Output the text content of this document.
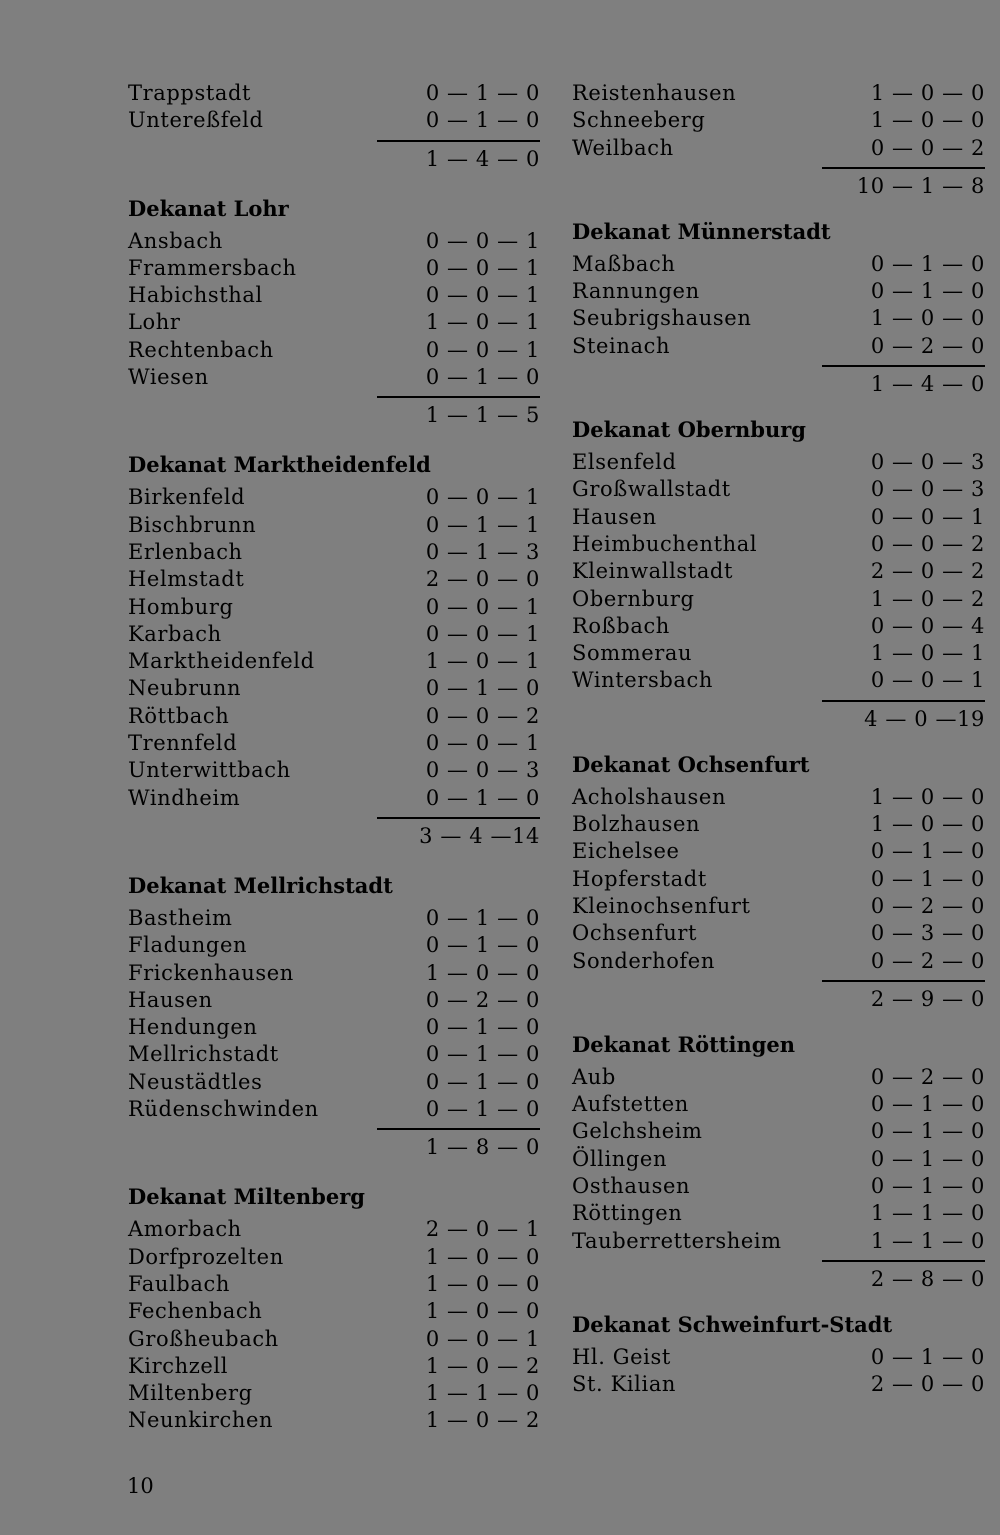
Trappstadt	0 — 1 — 0
Untereßfeld	0 — 1 — 0
1 — 4 — 0
Dekanat Lohr
Ansbach	0 — 0 — 1
Frammersbach	0 — 0 — 1
Habichsthal	0 — 0 — 1
Lohr	1 — 0 — 1
Rechtenbach	0 — 0 — 1
Wiesen	0 — 1 — 0
1 — 1 — 5
Dekanat Marktheidenfeld
Birkenfeld	0 — 0 — 1
Bischbrunn	0 — 1 — 1
Erlenbach	0 — 1 — 3
Helmstadt	2 — 0 — 0
Homburg	0 — 0 — 1
Karbach	0 — 0 — 1
Marktheidenfeld	1 — 0 — 1
Neubrunn	0 — 1 — 0
Röttbach	0 — 0 — 2
Trennfeld	0 — 0 — 1
Unterwittbach	0 — 0 — 3
Windheim	0 — 1 — 0
3 — 4 —14
Dekanat Mellrichstadt
Bastheim	0 — 1 — 0
Fladungen	0 — 1 — 0
Frickenhausen	1 — 0 — 0
Hausen	0 — 2 — 0
Hendungen	0 — 1 — 0
Mellrichstadt	0 — 1 — 0
Neustädtles	0 — 1 — 0
Rüdenschwinden	0 — 1 — 0
1 — 8 — 0
Dekanat Miltenberg
Amorbach	2 — 0 — 1
Dorfprozelten	1 — 0 — 0
Faulbach	1 — 0 — 0
Fechenbach	1 — 0 — 0
Großheubach	0 — 0 — 1
Kirchzell	1 — 0 — 2
Miltenberg	1 — 1 — 0
Neunkirchen	1 — 0 — 2
Reistenhausen	1 — 0 — 0
Schneeberg	1 — 0 — 0
Weilbach	0 — 0 — 2
10 — 1 — 8
Dekanat Münnerstadt
Maßbach	0 — 1 — 0
Rannungen	0 — 1 — 0
Seubrigshausen	1 — 0 — 0
Steinach	0 — 2 — 0
1 — 4 — 0
Dekanat Obernburg
Elsenfeld	0 — 0 — 3
Großwallstadt	0 — 0 — 3
Hausen	0 — 0 — 1
Heimbuchenthal	0 — 0 — 2
Kleinwallstadt	2 — 0 — 2
Obernburg	1 — 0 — 2
Roßbach	0 — 0 — 4
Sommerau	1 — 0 — 1
Wintersbach	0 — 0 — 1
4 — 0 —19
Dekanat Ochsenfurt
Acholshausen	1 — 0 — 0
Bolzhausen	1 — 0 — 0
Eichelsee	0 — 1 — 0
Hopferstadt	0 — 1 — 0
Kleinochsenfurt	0 — 2 — 0
Ochsenfurt	0 — 3 — 0
Sonderhofen	0 — 2 — 0
2 — 9 — 0
Dekanat Röttingen
Aub	0 — 2 — 0
Aufstetten	0 — 1 — 0
Gelchsheim	0 — 1 — 0
Öllingen	0 — 1 — 0
Osthausen	0 — 1 — 0
Röttingen	1 — 1 — 0
Tauberrettersheim	1 — 1 — 0
2 — 8 — 0
Dekanat Schweinfurt-Stadt
Hl. Geist	0 — 1 — 0
St. Kilian	2 — 0 — 0
10
